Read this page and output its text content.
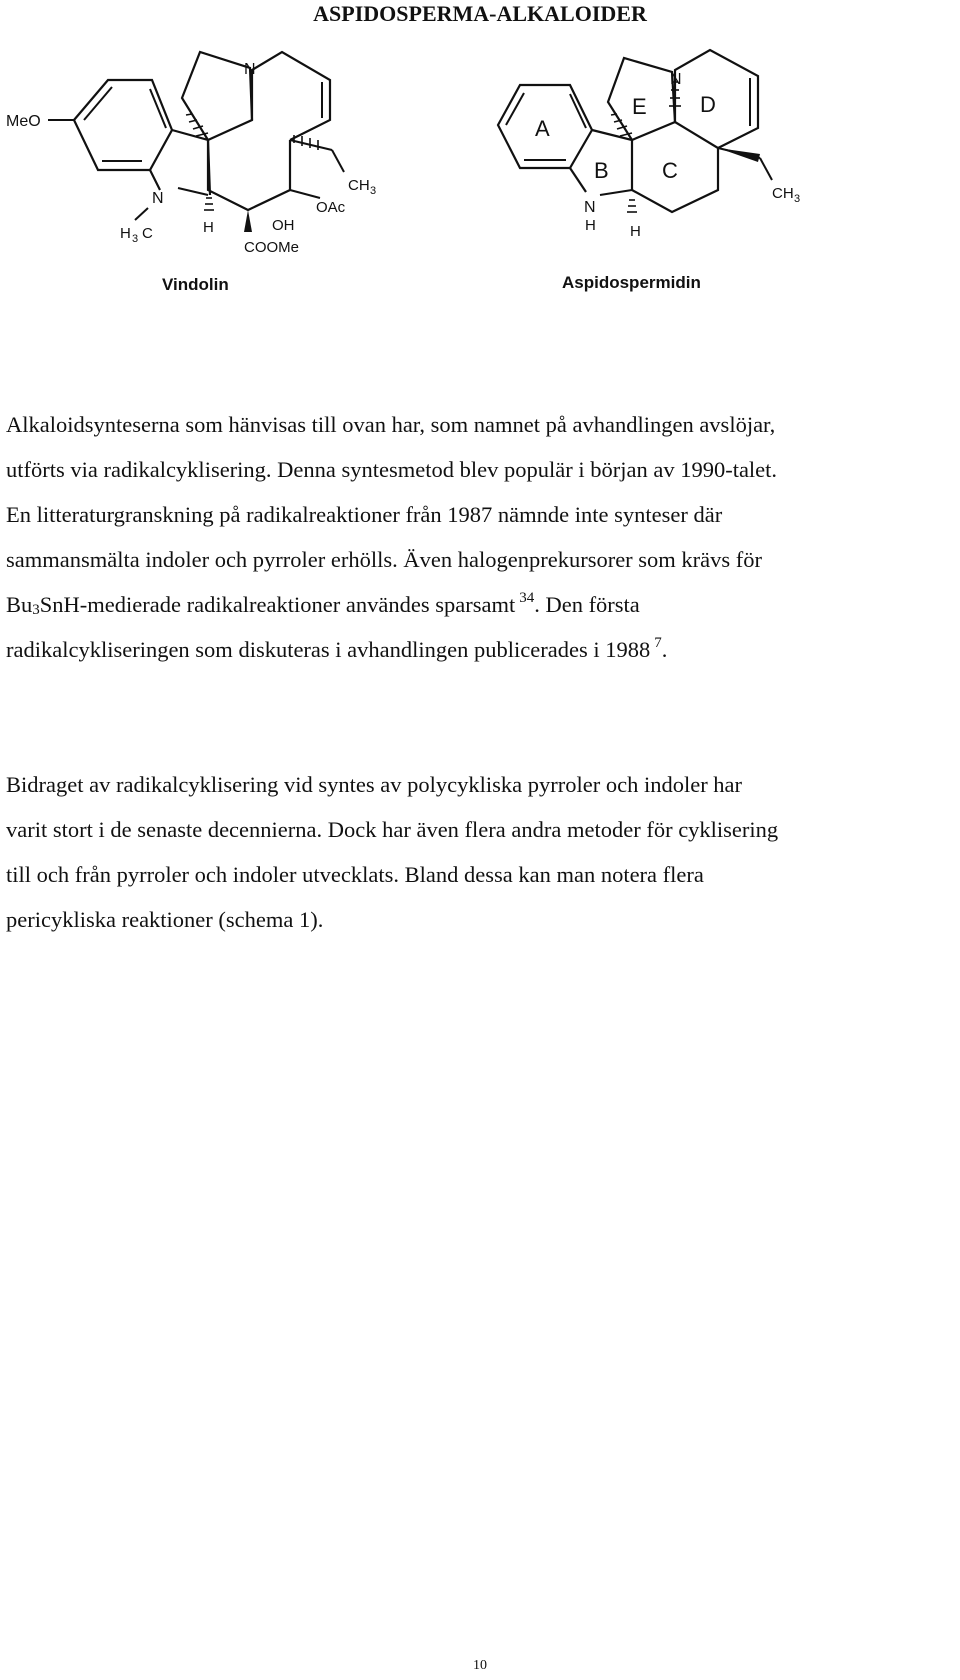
ASPIDOSPERMA-ALKALOIDER
MeO
N
N
H 3 C	H	OH
OAc
CH 3
COOMe
Vindolin
A
B C
D
E
N
N
H H
CH 3
Aspidospermidin
Alkaloidsynteserna som hänvisas till ovan har, som namnet på avhandlingen avslöjar,
utförts via radikalcyklisering. Denna syntesmetod blev populär i början av 1990-talet.
En litteraturgranskning på radikalreaktioner från 1987 nämnde inte synteser där
sammansmälta indoler och pyrroler erhölls. Även halogenprekursorer som krävs för
Bu3SnH-medierade radikalreaktioner användes sparsamt $^{34}$. Den första
radikalcykliseringen som diskuteras i avhandlingen publicerades i 1988 $^7$.
Bidraget av radikalcyklisering vid syntes av polycykliska pyrroler och indoler har
varit stort i de senaste decennierna. Dock har även flera andra metoder för cyklisering
till och från pyrroler och indoler utvecklats. Bland dessa kan man notera flera
pericykliska reaktioner (schema 1).
10
